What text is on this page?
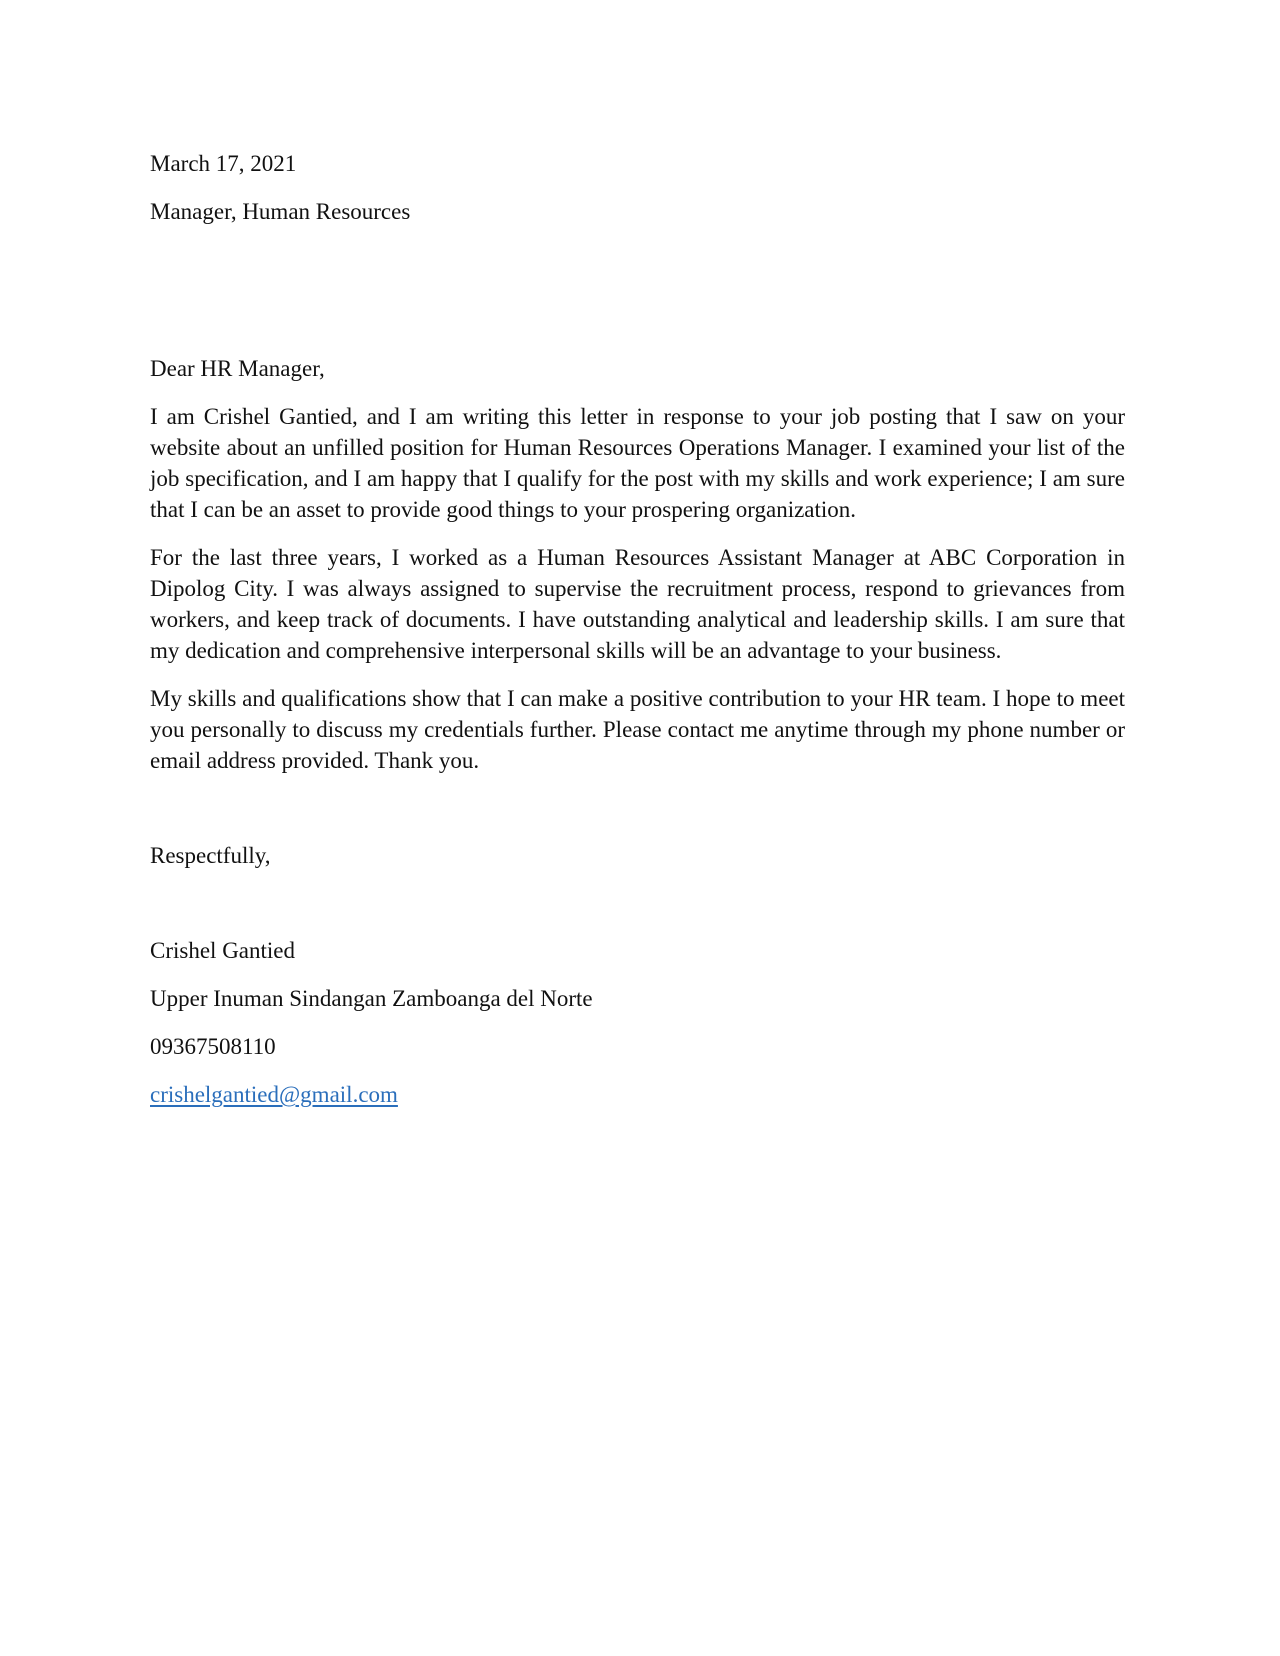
March 17, 2021
Manager, Human Resources
Dear HR Manager,

I am Crishel Gantied, and I am writing this letter in response to your job posting that I saw on your website about an unfilled position for Human Resources Operations Manager. I examined your list of the job specification, and I am happy that I qualify for the post with my skills and work experience; I am sure that I can be an asset to provide good things to your prospering organization.

For the last three years, I worked as a Human Resources Assistant Manager at ABC Corporation in Dipolog City. I was always assigned to supervise the recruitment process, respond to grievances from workers, and keep track of documents. I have outstanding analytical and leadership skills. I am sure that my dedication and comprehensive interpersonal skills will be an advantage to your business.

My skills and qualifications show that I can make a positive contribution to your HR team. I hope to meet you personally to discuss my credentials further. Please contact me anytime through my phone number or email address provided. Thank you.

Respectfully,
Crishel Gantied
Upper Inuman Sindangan Zamboanga del Norte
09367508110
crishelgantied@gmail.com
